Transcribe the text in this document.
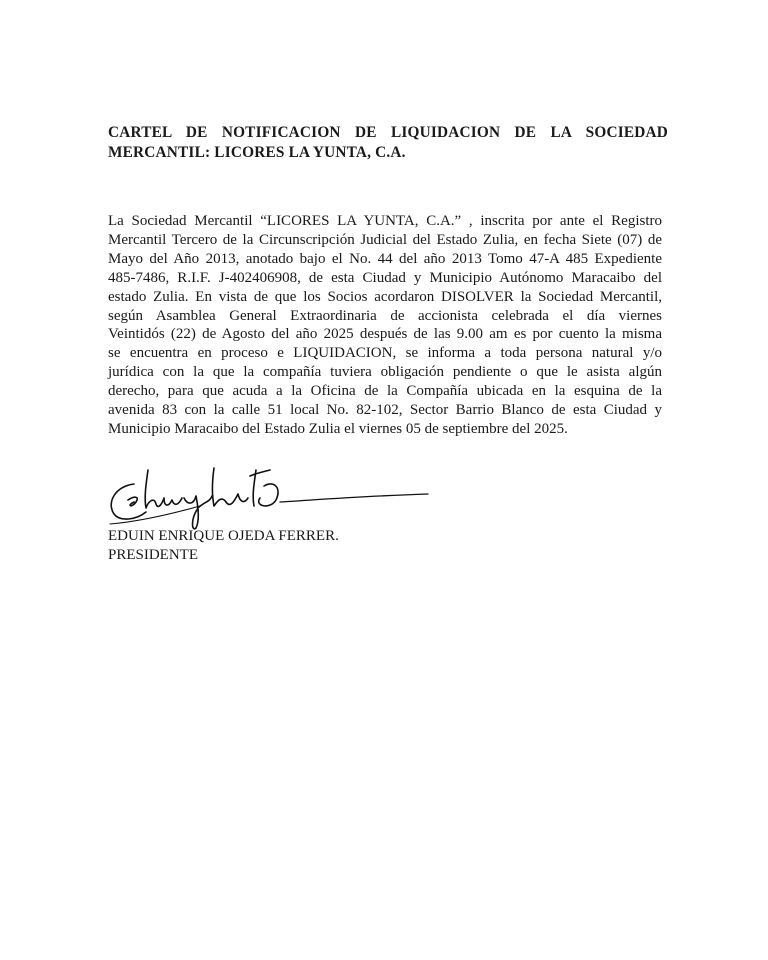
CARTEL DE NOTIFICACION DE LIQUIDACION DE LA SOCIEDAD
MERCANTIL: LICORES LA YUNTA, C.A.

La Sociedad Mercantil “LICORES LA YUNTA, C.A.” , inscrita por ante el Registro
Mercantil Tercero de la Circunscripción Judicial del Estado Zulia, en fecha Siete (07) de
Mayo del Año 2013, anotado bajo el No. 44 del año 2013 Tomo 47-A 485 Expediente
485-7486, R.I.F. J-402406908, de esta Ciudad y Municipio Autónomo Maracaibo del
estado Zulia. En vista de que los Socios acordaron DISOLVER la Sociedad Mercantil,
según Asamblea General Extraordinaria de accionista celebrada el día viernes
Veintidós (22) de Agosto del año 2025 después de las 9.00 am es por cuento la misma
se encuentra en proceso e LIQUIDACION, se informa a toda persona natural y/o
jurídica con la que la compañía tuviera obligación pendiente o que le asista algún
derecho, para que acuda a la Oficina de la Compañía ubicada en la esquina de la
avenida 83 con la calle 51 local No. 82-102, Sector Barrio Blanco de esta Ciudad y
Municipio Maracaibo del Estado Zulia el viernes 05 de septiembre del 2025.

EDUIN ENRIQUE OJEDA FERRER.
PRESIDENTE
